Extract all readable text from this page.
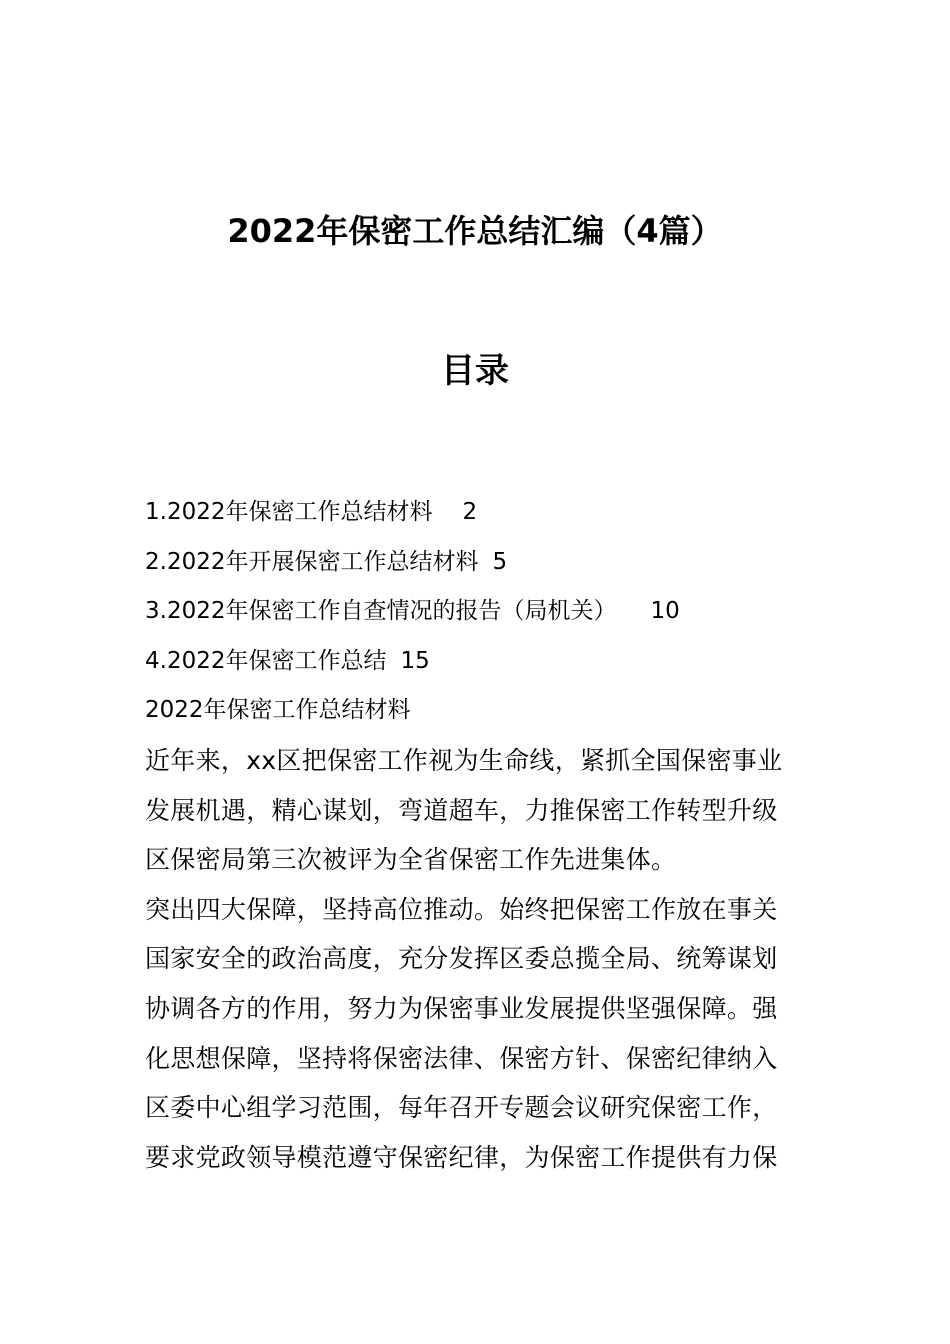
2022年保密工作总结汇编（4篇）
目录
1.2022年保密工作总结材料 2
2.2022年开展保密工作总结材料 5
3.2022年保密工作自查情况的报告（局机关） 10
4.2022年保密工作总结 15
2022年保密工作总结材料
近年来，xx区把保密工作视为生命线，紧抓全国保密事业
发展机遇，精心谋划，弯道超车，力推保密工作转型升级
区保密局第三次被评为全省保密工作先进集体。
突出四大保障，坚持高位推动。始终把保密工作放在事关
国家安全的政治高度，充分发挥区委总揽全局、统筹谋划
协调各方的作用，努力为保密事业发展提供坚强保障。强
化思想保障，坚持将保密法律、保密方针、保密纪律纳入
区委中心组学习范围，每年召开专题会议研究保密工作，
要求党政领导模范遵守保密纪律，为保密工作提供有力保
